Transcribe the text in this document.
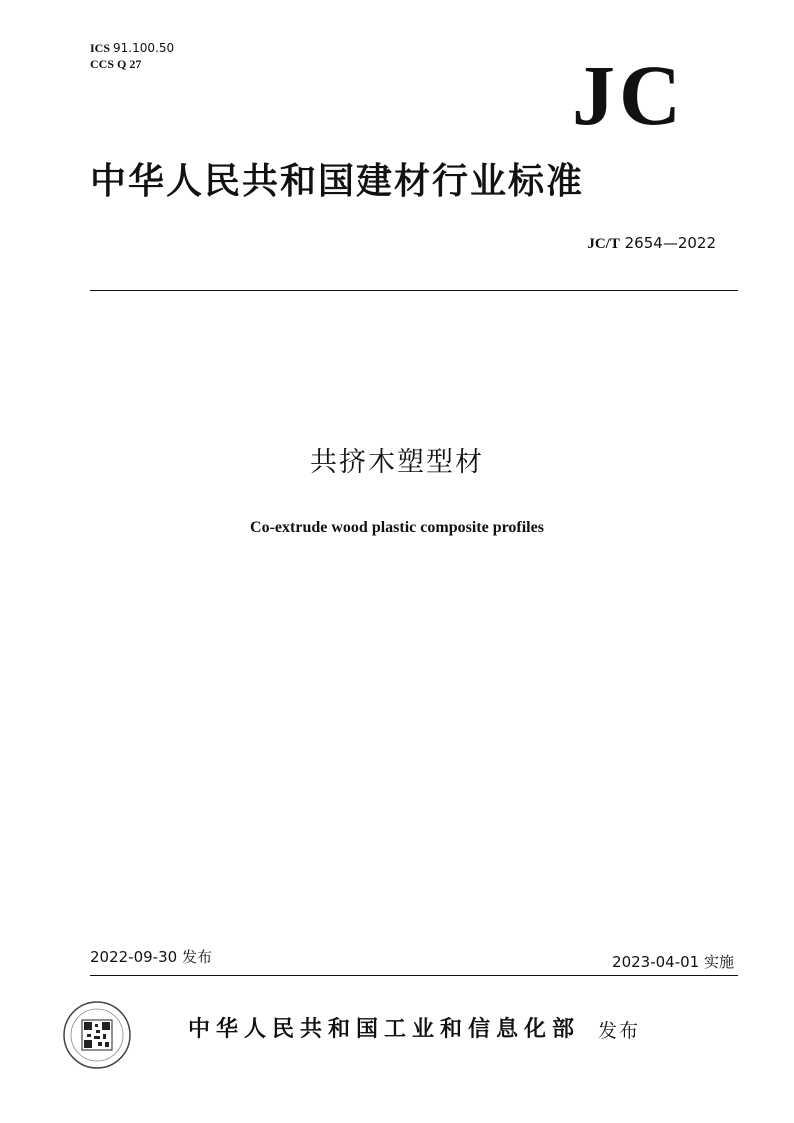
ICS 91.100.50
CCS Q 27	JC
中华人民共和国建材行业标准
JC/T 2654—2022
共挤木塑型材
Co-extrude wood plastic composite profiles
2022-09-30 发布	2023-04-01 实施
中华人民共和国工业和信息化部 发布
